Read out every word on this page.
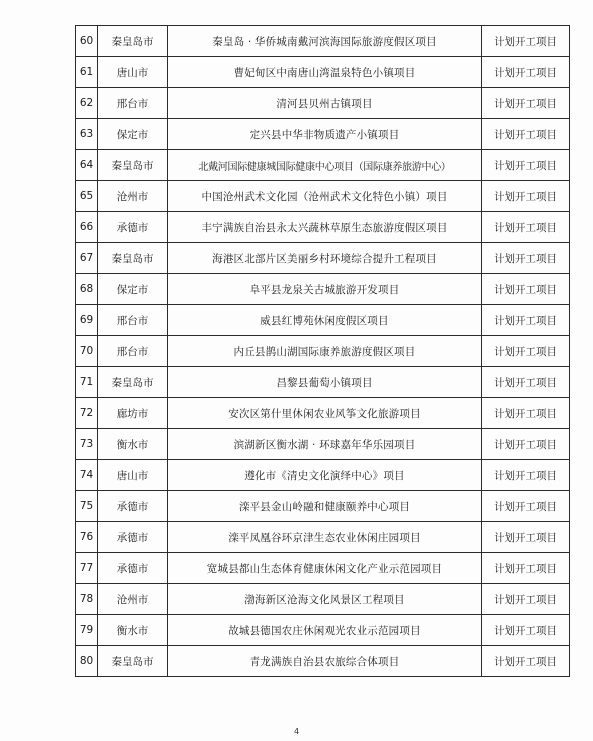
60	秦皇岛市	秦皇岛 · 华侨城南戴河滨海国际旅游度假区项目	计划开工项目
61	唐山市	曹妃甸区中南唐山湾温泉特色小镇项目	计划开工项目
62	邢台市	清河县贝州古镇项目	计划开工项目
63	保定市	定兴县中华非物质遗产小镇项目	计划开工项目
64	秦皇岛市	北戴河国际健康城国际健康中心项目（国际康养旅游中心）	计划开工项目
65	沧州市	中国沧州武术文化园（沧州武术文化特色小镇）项目	计划开工项目
66	承德市	丰宁满族自治县永太兴蔬林草原生态旅游度假区项目	计划开工项目
67	秦皇岛市	海港区北部片区美丽乡村环境综合提升工程项目	计划开工项目
68	保定市	阜平县龙泉关古城旅游开发项目	计划开工项目
69	邢台市	威县红博苑休闲度假区项目	计划开工项目
70	邢台市	内丘县鹊山湖国际康养旅游度假区项目	计划开工项目
71	秦皇岛市	昌黎县葡萄小镇项目	计划开工项目
72	廊坊市	安次区第什里休闲农业风筝文化旅游项目	计划开工项目
73	衡水市	滨湖新区衡水湖 · 环球嘉年华乐园项目	计划开工项目
74	唐山市	遵化市《清史文化演绎中心》项目	计划开工项目
75	承德市	滦平县金山岭融和健康颐养中心项目	计划开工项目
76	承德市	滦平凤凰谷环京津生态农业休闲庄园项目	计划开工项目
77	承德市	宽城县都山生态体育健康休闲文化产业示范园项目	计划开工项目
78	沧州市	渤海新区沧海文化风景区工程项目	计划开工项目
79	衡水市	故城县德国农庄休闲观光农业示范园项目	计划开工项目
80	秦皇岛市	青龙满族自治县农旅综合体项目	计划开工项目
4
